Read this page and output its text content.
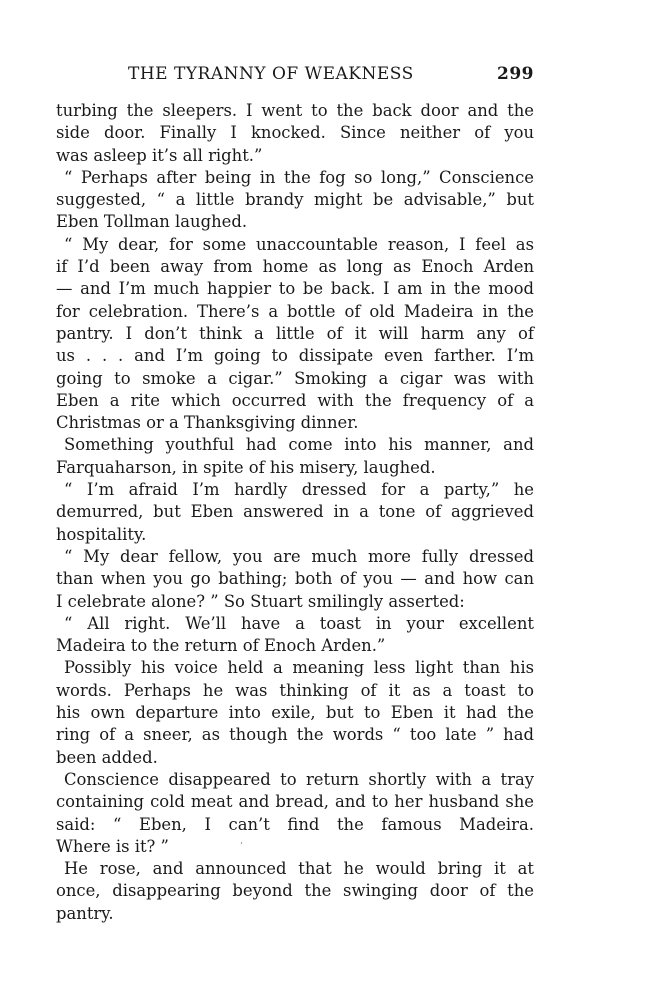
THE TYRANNY OF WEAKNESS	299
turbing the sleepers. I went to the back door and the
side door. Finally I knocked. Since neither of you
was asleep it’s all right.”
“ Perhaps after being in the fog so long,” Conscience
suggested, “ a little brandy might be advisable,” but
Eben Tollman laughed.
“ My dear, for some unaccountable reason, I feel as
if I’d been away from home as long as Enoch Arden
— and I’m much happier to be back. I am in the mood
for celebration. There’s a bottle of old Madeira in the
pantry. I don’t think a little of it will harm any of
us . . . and I’m going to dissipate even farther. I’m
going to smoke a cigar.” Smoking a cigar was with
Eben a rite which occurred with the frequency of a
Christmas or a Thanksgiving dinner.
Something youthful had come into his manner, and
Farquaharson, in spite of his misery, laughed.
“ I’m afraid I’m hardly dressed for a party,” he
demurred, but Eben answered in a tone of aggrieved
hospitality.
“ My dear fellow, you are much more fully dressed
than when you go bathing; both of you — and how can
I celebrate alone? ” So Stuart smilingly asserted:
“ All right. We’ll have a toast in your excellent
Madeira to the return of Enoch Arden.”
Possibly his voice held a meaning less light than his
words. Perhaps he was thinking of it as a toast to
his own departure into exile, but to Eben it had the
ring of a sneer, as though the words “ too late ” had
been added.
Conscience disappeared to return shortly with a tray
containing cold meat and bread, and to her husband she
said: “ Eben, I can’t find the famous Madeira.
Where is it? ”
He rose, and announced that he would bring it at
once, disappearing beyond the swinging door of the
pantry.
’
